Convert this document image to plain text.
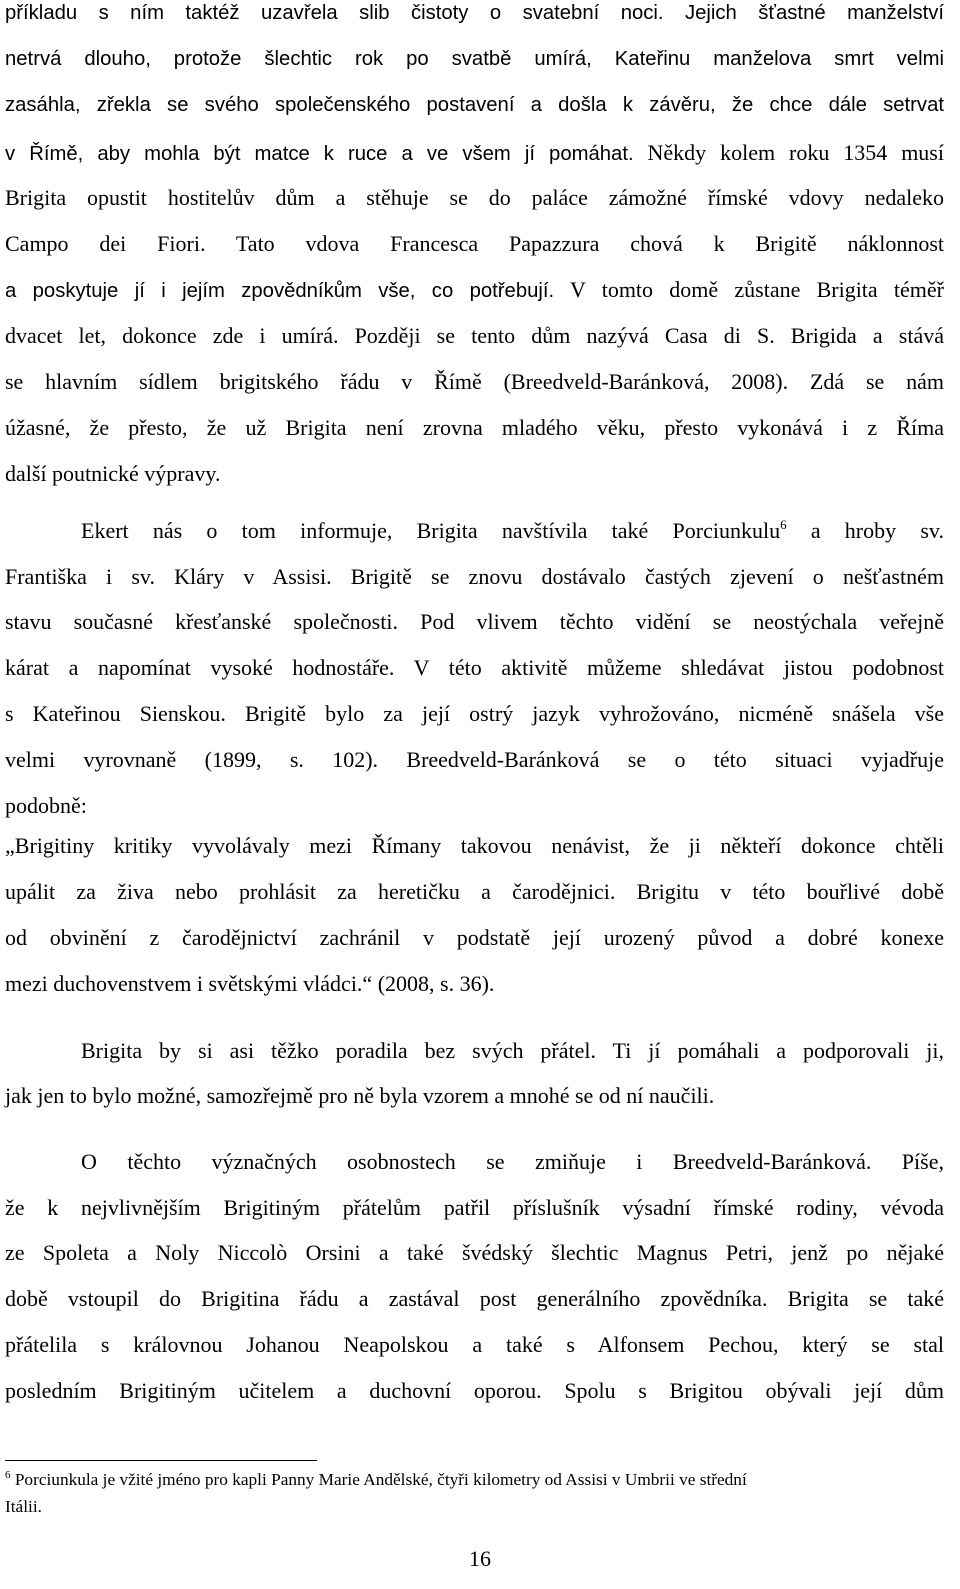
příkladu s ním taktéž uzavřela slib čistoty o svatební noci. Jejich šťastné manželství

netrvá dlouho, protože šlechtic rok po svatbě umírá, Kateřinu manželova smrt velmi

zasáhla, zřekla se svého společenského postavení a došla k závěru, že chce dále setrvat

v Římě, aby mohla být matce k ruce a ve všem jí pomáhat. Někdy kolem roku 1354 musí

Brigita opustit hostitelův dům a stěhuje se do paláce zámožné římské vdovy nedaleko

Campo dei Fiori. Tato vdova Francesca Papazzura chová k Brigitě náklonnost

a poskytuje jí i jejím zpovědníkům vše, co potřebují. V tomto domě zůstane Brigita téměř

dvacet let, dokonce zde i umírá. Později se tento dům nazývá Casa di S. Brigida a stává

se hlavním sídlem brigitského řádu v Římě (Breedveld-Baránková, 2008). Zdá se nám

úžasné, že přesto, že už Brigita není zrovna mladého věku, přesto vykonává i z Říma

další poutnické výpravy.

Ekert nás o tom informuje, Brigita navštívila také Porciunkulu$^6$ a hroby sv.

Františka i sv. Kláry v Assisi. Brigitě se znovu dostávalo častých zjevení o nešťastném

stavu současné křesťanské společnosti. Pod vlivem těchto vidění se neostýchala veřejně

kárat a napomínat vysoké hodnostáře. V této aktivitě můžeme shledávat jistou podobnost

s Kateřinou Sienskou. Brigitě bylo za její ostrý jazyk vyhrožováno, nicméně snášela vše

velmi vyrovnaně (1899, s. 102). Breedveld-Baránková se o této situaci vyjadřuje

podobně:

„Brigitiny kritiky vyvolávaly mezi Římany takovou nenávist, že ji někteří dokonce chtěli

upálit za živa nebo prohlásit za heretičku a čarodějnici. Brigitu v této bouřlivé době

od obvinění z čarodějnictví zachránil v podstatě její urozený původ a dobré konexe

mezi duchovenstvem i světskými vládci.“ (2008, s. 36).

Brigita by si asi těžko poradila bez svých přátel. Ti jí pomáhali a podporovali ji,

jak jen to bylo možné, samozřejmě pro ně byla vzorem a mnohé se od ní naučili.

O těchto význačných osobnostech se zmiňuje i Breedveld-Baránková. Píše,

že k nejvlivnějším Brigitiným přátelům patřil příslušník výsadní římské rodiny, vévoda

ze Spoleta a Noly Niccolò Orsini a také švédský šlechtic Magnus Petri, jenž po nějaké

době vstoupil do Brigitina řádu a zastával post generálního zpovědníka. Brigita se také

přátelila s královnou Johanou Neapolskou a také s Alfonsem Pechou, který se stal

posledním Brigitiným učitelem a duchovní oporou. Spolu s Brigitou obývali její dům

$^6$ Porciunkula je vžité jméno pro kapli Panny Marie Andělské, čtyři kilometry od Assisi v Umbrii ve střední
Itálii.
16
